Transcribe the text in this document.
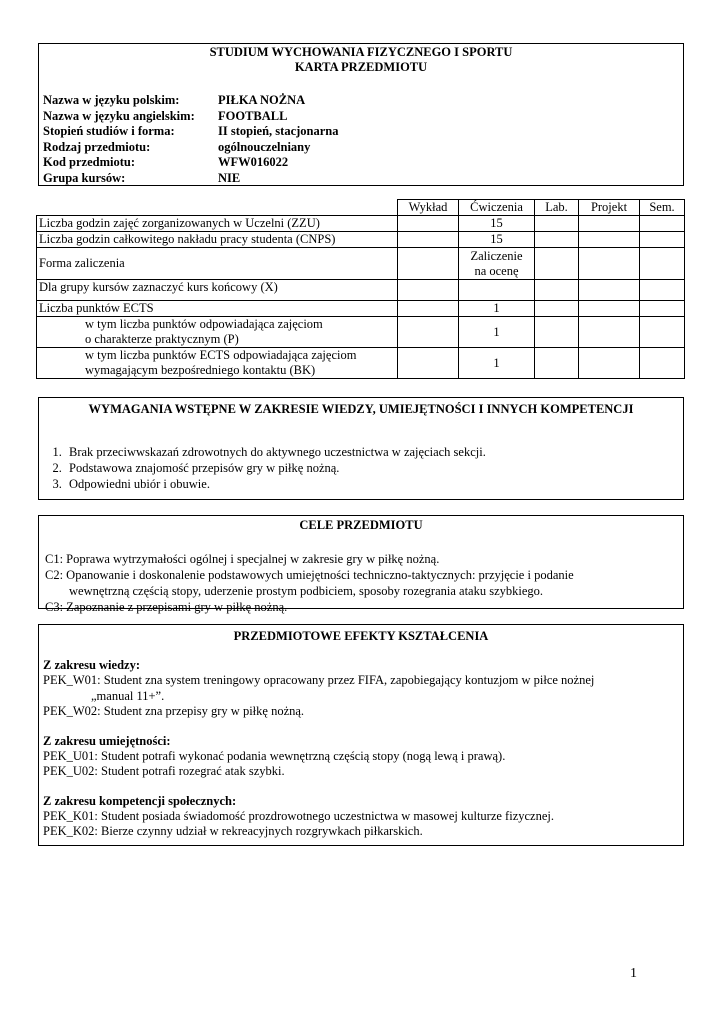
STUDIUM WYCHOWANIA FIZYCZNEGO I SPORTU
KARTA PRZEDMIOTU
Nazwa w języku polskim:	PIŁKA NOŻNA
Nazwa w języku angielskim:	FOOTBALL
Stopień studiów i forma:	II stopień, stacjonarna
Rodzaj przedmiotu:	ogólnouczelniany
Kod przedmiotu:	WFW016022
Grupa kursów:	NIE
	Wykład	Ćwiczenia	Lab.	Projekt	Sem.
Liczba godzin zajęć zorganizowanych w Uczelni (ZZU)		15			
Liczba godzin całkowitego nakładu pracy studenta (CNPS)		15			
Forma zaliczenia		Zaliczenie
na ocenę			

Dla grupy kursów zaznaczyć kurs końcowy (X)					
Liczba punktów ECTS		1			

w tym liczba punktów odpowiadająca zajęciom
o charakterze praktycznym (P)		1			

w tym liczba punktów ECTS odpowiadająca zajęciom
wymagającym bezpośredniego kontaktu (BK)		1			
WYMAGANIA WSTĘPNE W ZAKRESIE WIEDZY, UMIEJĘTNOŚCI I INNYCH KOMPETENCJI
1. Brak przeciwwskazań zdrowotnych do aktywnego uczestnictwa w zajęciach sekcji.
2. Podstawowa znajomość przepisów gry w piłkę nożną.
3. Odpowiedni ubiór i obuwie.
CELE PRZEDMIOTU
C1: Poprawa wytrzymałości ogólnej i specjalnej w zakresie gry w piłkę nożną.
C2: Opanowanie i doskonalenie podstawowych umiejętności techniczno-taktycznych: przyjęcie i podanie
wewnętrzną częścią stopy, uderzenie prostym podbiciem, sposoby rozegrania ataku szybkiego.
C3: Zapoznanie z przepisami gry w piłkę nożną.
PRZEDMIOTOWE EFEKTY KSZTAŁCENIA
Z zakresu wiedzy:
PEK_W01: Student zna system treningowy opracowany przez FIFA, zapobiegający kontuzjom w piłce nożnej
„manual 11+”.
PEK_W02: Student zna przepisy gry w piłkę nożną.
Z zakresu umiejętności:
PEK_U01: Student potrafi wykonać podania wewnętrzną częścią stopy (nogą lewą i prawą).
PEK_U02: Student potrafi rozegrać atak szybki.
Z zakresu kompetencji społecznych:
PEK_K01: Student posiada świadomość prozdrowotnego uczestnictwa w masowej kulturze fizycznej.
PEK_K02: Bierze czynny udział w rekreacyjnych rozgrywkach piłkarskich.
1
